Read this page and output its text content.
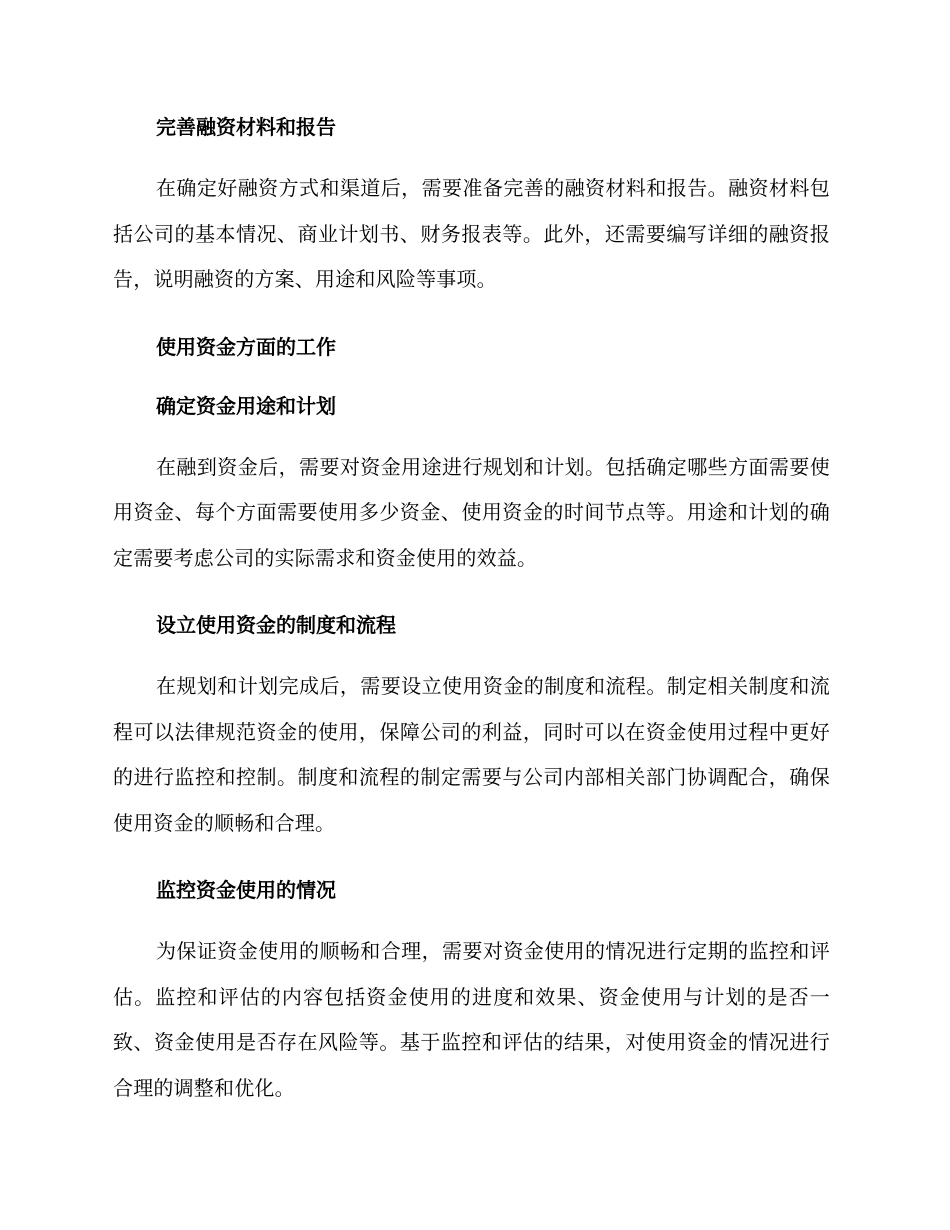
完善融资材料和报告

在确定好融资方式和渠道后，需要准备完善的融资材料和报告。融资材料包括公司的基本情况、商业计划书、财务报表等。此外，还需要编写详细的融资报告，说明融资的方案、用途和风险等事项。

使用资金方面的工作
确定资金用途和计划

在融到资金后，需要对资金用途进行规划和计划。包括确定哪些方面需要使用资金、每个方面需要使用多少资金、使用资金的时间节点等。用途和计划的确定需要考虑公司的实际需求和资金使用的效益。

设立使用资金的制度和流程

在规划和计划完成后，需要设立使用资金的制度和流程。制定相关制度和流程可以法律规范资金的使用，保障公司的利益，同时可以在资金使用过程中更好的进行监控和控制。制度和流程的制定需要与公司内部相关部门协调配合，确保使用资金的顺畅和合理。

监控资金使用的情况

为保证资金使用的顺畅和合理，需要对资金使用的情况进行定期的监控和评估。监控和评估的内容包括资金使用的进度和效果、资金使用与计划的是否一致、资金使用是否存在风险等。基于监控和评估的结果，对使用资金的情况进行合理的调整和优化。
